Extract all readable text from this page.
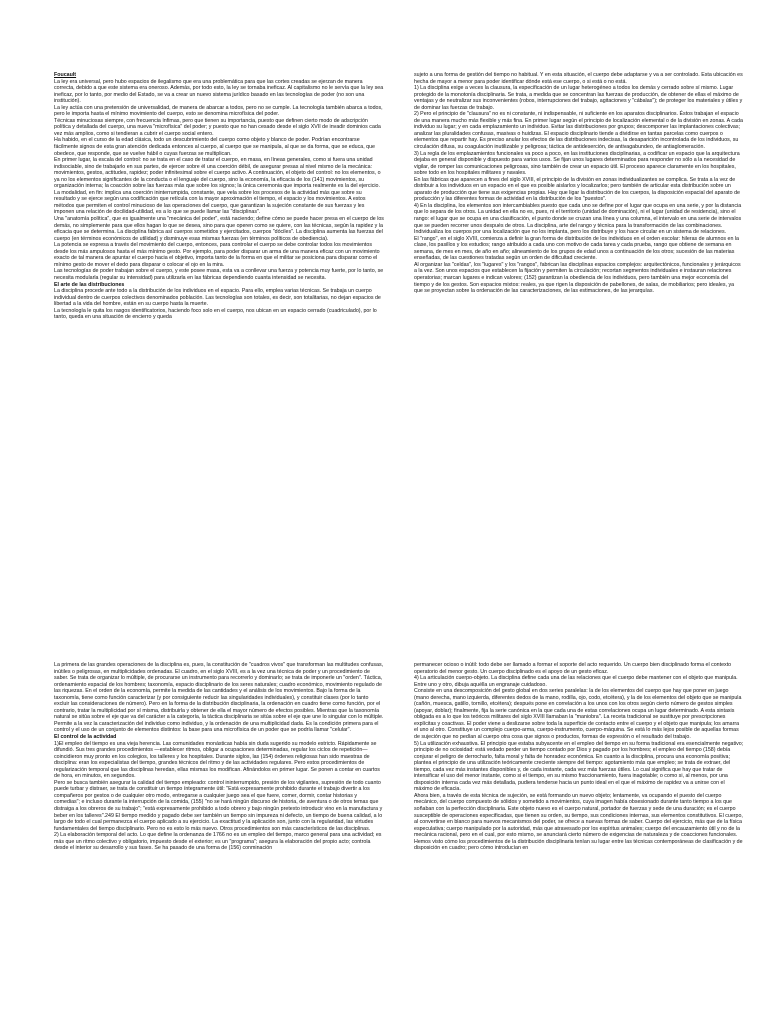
Foucault

La ley era universal, pero hubo espacios de ilegalismo que era una problemática para que las cortes creadas se ejerzan de manera correcta, debido a que este sistema era oneroso. Además, por todo esto, la ley se tornaba ineficaz. Al capitalismo no le servía que la ley sea ineficaz, por lo tanto, por medio del Estado, se va a crear un nuevo sistema jurídico basado en las tecnologías de poder (no son una institución).

La ley actúa con una pretensión de universalidad, de manera de abarcar a todos, pero no se cumple. La tecnología también abarca a todos, pero le importa hasta el mínimo movimiento del cuerpo, esto se denomina microfísica del poder.

Técnicas minuciosas siempre, con frecuencia ínfimas, pero que tienen su importancia, puesto que definen cierto modo de adscripción política y detallada del cuerpo, una nueva "microfísica" del poder; y puesto que no han cesado desde el siglo XVII de invadir dominios cada vez más amplios, como si tendieran a cubrir el cuerpo social entero.

Ha habido, en el curso de la edad clásica, todo un descubrimiento del cuerpo como objeto y blanco de poder. Podrían encontrarse fácilmente signos de esta gran atención dedicada entonces al cuerpo, al cuerpo que se manipula, al que se da forma, que se educa, que obedece, que responde, que se vuelve hábil o cuyas fuerzas se multiplican.

En primer lugar, la escala del control: no se trata en el caso de tratar el cuerpo, en masa, en líneas generales, como si fuera una unidad indisociable, sino de trabajarlo en sus partes, de ejercer sobre él una coerción débil, de asegurar presas al nivel mismo de la mecánica: movimientos, gestos, actitudes, rapidez; poder infinitesimal sobre el cuerpo activo. A continuación, el objeto del control: no los elementos, o ya no los elementos significantes de la conducta o el lenguaje del cuerpo, sino la economía, la eficacia de los (141) movimientos, su organización interna; la coacción sobre las fuerzas más que sobre los signos; la única ceremonia que importa realmente es la del ejercicio. La modalidad, en fin: implica una coerción ininterrumpida, constante, que vela sobre los procesos de la actividad más que sobre su resultado y se ejerce según una codificación que retícula con la mayor aproximación el tiempo, el espacio y los movimientos. A estos métodos que permiten el control minucioso de las operaciones del cuerpo, que garantizan la sujeción constante de sus fuerzas y les imponen una relación de docilidad-utilidad, es a lo que se puede llamar las "disciplinas".

Una "anatomía política", que es igualmente una "mecánica del poder", está naciendo; define cómo se puede hacer presa en el cuerpo de los demás, no simplemente para que ellos hagan lo que se desea, sino para que operen como se quiere, con las técnicas, según la rapidez y la eficacia que se determina. La disciplina fabrica así cuerpos sometidos y ejercitados, cuerpos "dóciles". La disciplina aumenta las fuerzas del cuerpo (en términos económicos de utilidad) y disminuye esas mismas fuerzas (en términos políticos de obediencia).

La potencia se expresa a través del movimiento del cuerpo, entonces, para controlar el cuerpo se debe controlar todos los movimientos desde los más ampulosos hasta el más mínimo gesto. Por ejemplo, para poder disparar un arma de una manera eficaz con un movimiento exacto de tal manera de apuntar el cuerpo hacia el objetivo, importa tanto de la forma en que el militar se posiciona para disparar como el mínimo gesto de mover el dedo para disparar o colocar el ojo en la mira.

Las tecnologías de poder trabajan sobre el cuerpo, y este posee masa, esta va a conllevar una fuerza y potencia muy fuerte, por lo tanto, se necesita modularla (regular su intensidad) para utilizarla en las fábricas dependiendo cuanta intensidad se necesita.

El arte de las distribuciones

La disciplina procede ante todo a la distribución de los individuos en el espacio. Para ello, emplea varias técnicas. Se trabaja un cuerpo individual dentro de cuerpos colectivos denominados población. Las tecnologías son totales, es decir, son totalitarias, no dejan espacios de libertad a la vida del hombre, están en su cuerpo hasta la muerte.

La tecnología le quita los rasgos identificatorios, haciendo foco solo en el cuerpo, nos ubican en un espacio cerrado (cuadriculado), por lo tanto, queda en una situación de encierro y queda

sujeto a una forma de gestión del tiempo no habitual. Y en esta situación, el cuerpo debe adaptarse y va a ser controlado. Esta ubicación es hecha de mayor a menor para poder identificar dónde está ese cuerpo, o si está o no está.

1) La disciplina exige a veces la clausura, la especificación de un lugar heterogéneo a todos los demás y cerrado sobre sí mismo. Lugar protegido de la monotonía disciplinaria. Se trata, a medida que se concentran las fuerzas de producción, de obtener de ellas el máximo de ventajas y de neutralizar sus inconvenientes (robos, interrupciones del trabajo, agitaciones y "cábalas"); de proteger los materiales y útiles y de dominar las fuerzas de trabajo.

2) Pero el principio de "clausura" no es ni constante, ni indispensable, ni suficiente en los aparatos disciplinarios. Éstos trabajan el espacio de una manera mucho más flexible y más fina. En primer lugar según el principio de localización elemental o de la división en zonas. A cada individuo su lugar; y en cada emplazamiento un individuo. Evitar las distribuciones por grupos; descomponer las implantaciones colectivas; analizar las pluralidades confusas, masivas o huidizas. El espacio disciplinario tiende a dividirse en tantas parcelas como cuerpos o elementos que repartir hay. Es preciso anular los efectos de las distribuciones indecisas, la desaparición incontrolada de los individuos, su circulación difusa, su coagulación inutilizable y peligrosa; táctica de antideserción, de antivagabundeo, de antiaglomeración.

3) La regla de los emplazamientos funcionales va poco a poco, en las instituciones disciplinarias, a codificar un espacio que la arquitectura dejaba en general disponible y dispuesto para varios usos. Se fijan unos lugares determinados para responder no sólo a la necesidad de vigilar, de romper las comunicaciones peligrosas, sino también de crear un espacio útil. El proceso aparece claramente en los hospitales, sobre todo en los hospitales militares y navales.

En las fábricas que aparecen a fines del siglo XVIII, el principio de la división en zonas individualizantes se complica. Se trata a la vez de distribuir a los individuos en un espacio en el que es posible aislarlos y localizarlos; pero también de articular esta distribución sobre un aparato de producción que tiene sus exigencias propias. Hay que ligar la distribución de los cuerpos, la disposición espacial del aparato de producción y las diferentes formas de actividad en la distribución de los "puestos".

4) En la disciplina, los elementos son intercambiables puesto que cada uno se define por el lugar que ocupa en una serie, y por la distancia que lo separa de los otros. La unidad en ella no es, pues, ni el territorio (unidad de dominación), ni el lugar (unidad de residencia), sino el rango: el lugar que se ocupa en una clasificación, el punto donde se cruzan una línea y una columna, el intervalo en una serie de intervalos que se pueden recorrer unos después de otros. La disciplina, arte del rango y técnica para la transformación de las combinaciones. Individualiza los cuerpos por una localización que no los implanta, pero los distribuye y los hace circular en un sistema de relaciones.

El "rango", en el siglo XVIII, comienza a definir la gran forma de distribución de los individuos en el orden escolar: hileras de alumnos en la clase, los pasillos y los estudios; rango atribuido a cada uno con motivo de cada tarea y cada prueba, rango que obtiene de semana en semana, de mes en mes, de año en año; alineamiento de los grupos de edad unos a continuación de los otros; sucesión de las materias enseñadas, de las cuestiones tratadas según un orden de dificultad creciente.

Al organizar las "celdas", los "lugares" y los "rangos", fabrican las disciplinas espacios complejos: arquitectónicos, funcionales y jerárquicos a la vez. Son unos espacios que establecen la fijación y permiten la circulación; recortan segmentos individuales e instauran relaciones operatorias; marcan lugares e indican valores; (152) garantizan la obediencia de los individuos, pero también una mejor economía del tiempo y de los gestos. Son espacios mixtos: reales, ya que rigen la disposición de pabellones, de salas, de mobiliarios; pero ideales, ya que se proyectan sobre la ordenación de las caracterizaciones, de las estimaciones, de las jerarquías.

La primera de las grandes operaciones de la disciplina es, pues, la constitución de "cuadros vivos" que transforman las multitudes confusas, inútiles o peligrosas, en multiplicidades ordenadas. El cuadro, en el siglo XVIII, es a la vez una técnica de poder y un procedimiento de saber. Se trata de organizar lo múltiple, de procurarse un instrumento para recorrerlo y dominarlo; se trata de imponerle un "orden". Táctica, ordenamiento espacial de los hombres; taxonomía, espacio disciplinario de los seres naturales; cuadro económico, movimiento regulado de las riquezas. En el orden de la economía, permite la medida de las cantidades y el análisis de los movimientos. Bajo la forma de la taxonomía, tiene como función caracterizar (y por consiguiente reducir las singularidades individuales), y constituir clases (por lo tanto excluir las consideraciones de número). Pero en la forma de la distribución disciplinaria, la ordenación en cuadro tiene como función, por el contrario, tratar la multiplicidad por sí misma, distribuirla y obtener de ella el mayor número de efectos posibles. Mientras que la taxonomía natural se sitúa sobre el eje que va del carácter a la categoría, la táctica disciplinaria se sitúa sobre el eje que une lo singular con lo múltiple. Permite a la vez la caracterización del individuo como individuo, y la ordenación de una multiplicidad dada. Es la condición primera para el control y el uso de un conjunto de elementos distintos: la base para una microfísica de un poder que se podría llamar "celular".

El control de la actividad

1)El empleo del tiempo es una vieja herencia. Las comunidades monásticas había sin duda sugerido su modelo estricto. Rápidamente se difundió. Sus tres grandes procedimientos —establecer ritmos, obligar a ocupaciones determinadas, regular los ciclos de repetición— coincidieron muy pronto en los colegios, los talleres y los hospitales. Durante siglos, las (154) órdenes religiosas han sido maestras de disciplina: eran los especialistas del tiempo, grandes técnicos del ritmo y de las actividades regulares. Pero estos procedimientos de regularización temporal que las disciplinas heredan, ellas mismas los modifican. Afinándolos en primer lugar. Se ponen a contar en cuartos de hora, en minutos, en segundos.

Pero se busca también asegurar la calidad del tiempo empleado: control ininterrumpido, presión de los vigilantes, supresión de todo cuanto puede turbar y distraer, se trata de constituir un tiempo íntegramente útil: "Está expresamente prohibido durante el trabajo divertir a los compañeros por gestos o de cualquier otro modo, entregarse a cualquier juego sea el que fuere, comer, dormir, contar historias y comedias"; e incluso durante la interrupción de la comida, (155) "no se hará ningún discurso de historia, de aventura o de otros temas que distraiga a los obreros de su trabajo"; "está expresamente prohibido a todo obrero y bajo ningún pretexto introducir vino en la manufactura y beber en los talleres".249 El tiempo medido y pagado debe ser también un tiempo sin impureza ni defecto, un tiempo de buena calidad, a lo largo de todo el cual permanezca el cuerpo aplicado a su ejercicio. La exactitud y la aplicación son, junto con la regularidad, las virtudes fundamentales del tiempo disciplinario. Pero no es esto lo más nuevo. Otros procedimientos son más característicos de las disciplinas.

2) La elaboración temporal del acto. Lo que define la ordenanza de 1766 no es un empleo del tiempo, marco general para una actividad; es más que un ritmo colectivo y obligatorio, impuesto desde el exterior; es un "programa"; asegura la elaboración del propio acto; controla desde el interior su desarrollo y sus fases. Se ha pasado de una forma de (156) conminación

permanecer ocioso o inútil: todo debe ser llamado a formar el soporte del acto requerido. Un cuerpo bien disciplinado forma el contexto operatorio del menor gesto. Un cuerpo disciplinado es el apoyo de un gesto eficaz.

4) La articulación cuerpo-objeto. La disciplina define cada una de las relaciones que el cuerpo debe mantener con el objeto que manipula. Entre uno y otro, dibuja aquélla un engranaje cuidadoso.

Consiste en una descomposición del gesto global en dos series paralelas: la de los elementos del cuerpo que hay que poner en juego (mano derecha, mano izquierda, diferentes dedos de la mano, rodilla, ojo, codo, etcétera), y la de los elementos del objeto que se manipula (cañón, muesca, gatillo, tornillo, etcétera); después pone en correlación a los unos con los otros según cierto número de gestos simples (apoyar, doblar); finalmente, fija la serie canónica en la que cada una de estas correlaciones ocupa un lugar determinado. A esta sintaxis obligada es a lo que los teóricos militares del siglo XVIII llamaban la "maniobra". La receta tradicional se sustituye por prescripciones explícitas y coactivas. El poder viene a deslizarse sobre toda la superficie de contacto entre el cuerpo y el objeto que manipula; los amarra el uno al otro. Constituye un complejo cuerpo-arma, cuerpo-instrumento, cuerpo-máquina. Se está lo más lejos posible de aquellas formas de sujeción que no pedían al cuerpo otra cosa que signos o productos, formas de expresión o el resultado del trabajo.

5) La utilización exhaustiva. El principio que estaba subyacente en el empleo del tiempo en su forma tradicional era esencialmente negativo; principio de no ociosidad: está vedado perder un tiempo contado por Dios y pagado por los hombres; el empleo del tiempo (158) debía conjurar el peligro de derrocharlo, falta moral y falta de honradez económica. En cuanto a la disciplina, procura una economía positiva; plantea el principio de una utilización teóricamente creciente siempre del tiempo: agotamiento más que empleo; se trata de extraer, del tiempo, cada vez más instantes disponibles y, de cada instante, cada vez más fuerzas útiles. Lo cual significa que hay que tratar de intensificar el uso del menor instante, como si el tiempo, en su mismo fraccionamiento, fuera inagotable; o como si, al menos, por una disposición interna cada vez más detallada, pudiera tenderse hacia un punto ideal en el que el máximo de rapidez va a unirse con el máximo de eficacia.

Ahora bien, a través de esta técnica de sujeción, se está formando un nuevo objeto; lentamente, va ocupando el puesto del cuerpo mecánico, del cuerpo compuesto de sólidos y sometido a movimientos, cuya imagen había obsesionado durante tanto tiempo a los que soñaban con la perfección disciplinaria. Este objeto nuevo es el cuerpo natural, portador de fuerzas y sede de una duración; es el cuerpo susceptible de operaciones especificadas, que tienen su orden, su tiempo, sus condiciones internas, sus elementos constitutivos. El cuerpo, al convertirse en blanco para nuevos mecanismos del poder, se ofrece a nuevas formas de saber. Cuerpo del ejercicio, más que de la física especulativa; cuerpo manipulado por la autoridad, más que atravesado por los espíritus animales; cuerpo del encauzamiento útil y no de la mecánica racional, pero en el cual, por esto mismo, se anunciará cierto número de exigencias de naturaleza y de coacciones funcionales.

Hemos visto cómo los procedimientos de la distribución disciplinaria tenían su lugar entre las técnicas contemporáneas de clasificación y de disposición en cuadro; pero cómo introducían en
